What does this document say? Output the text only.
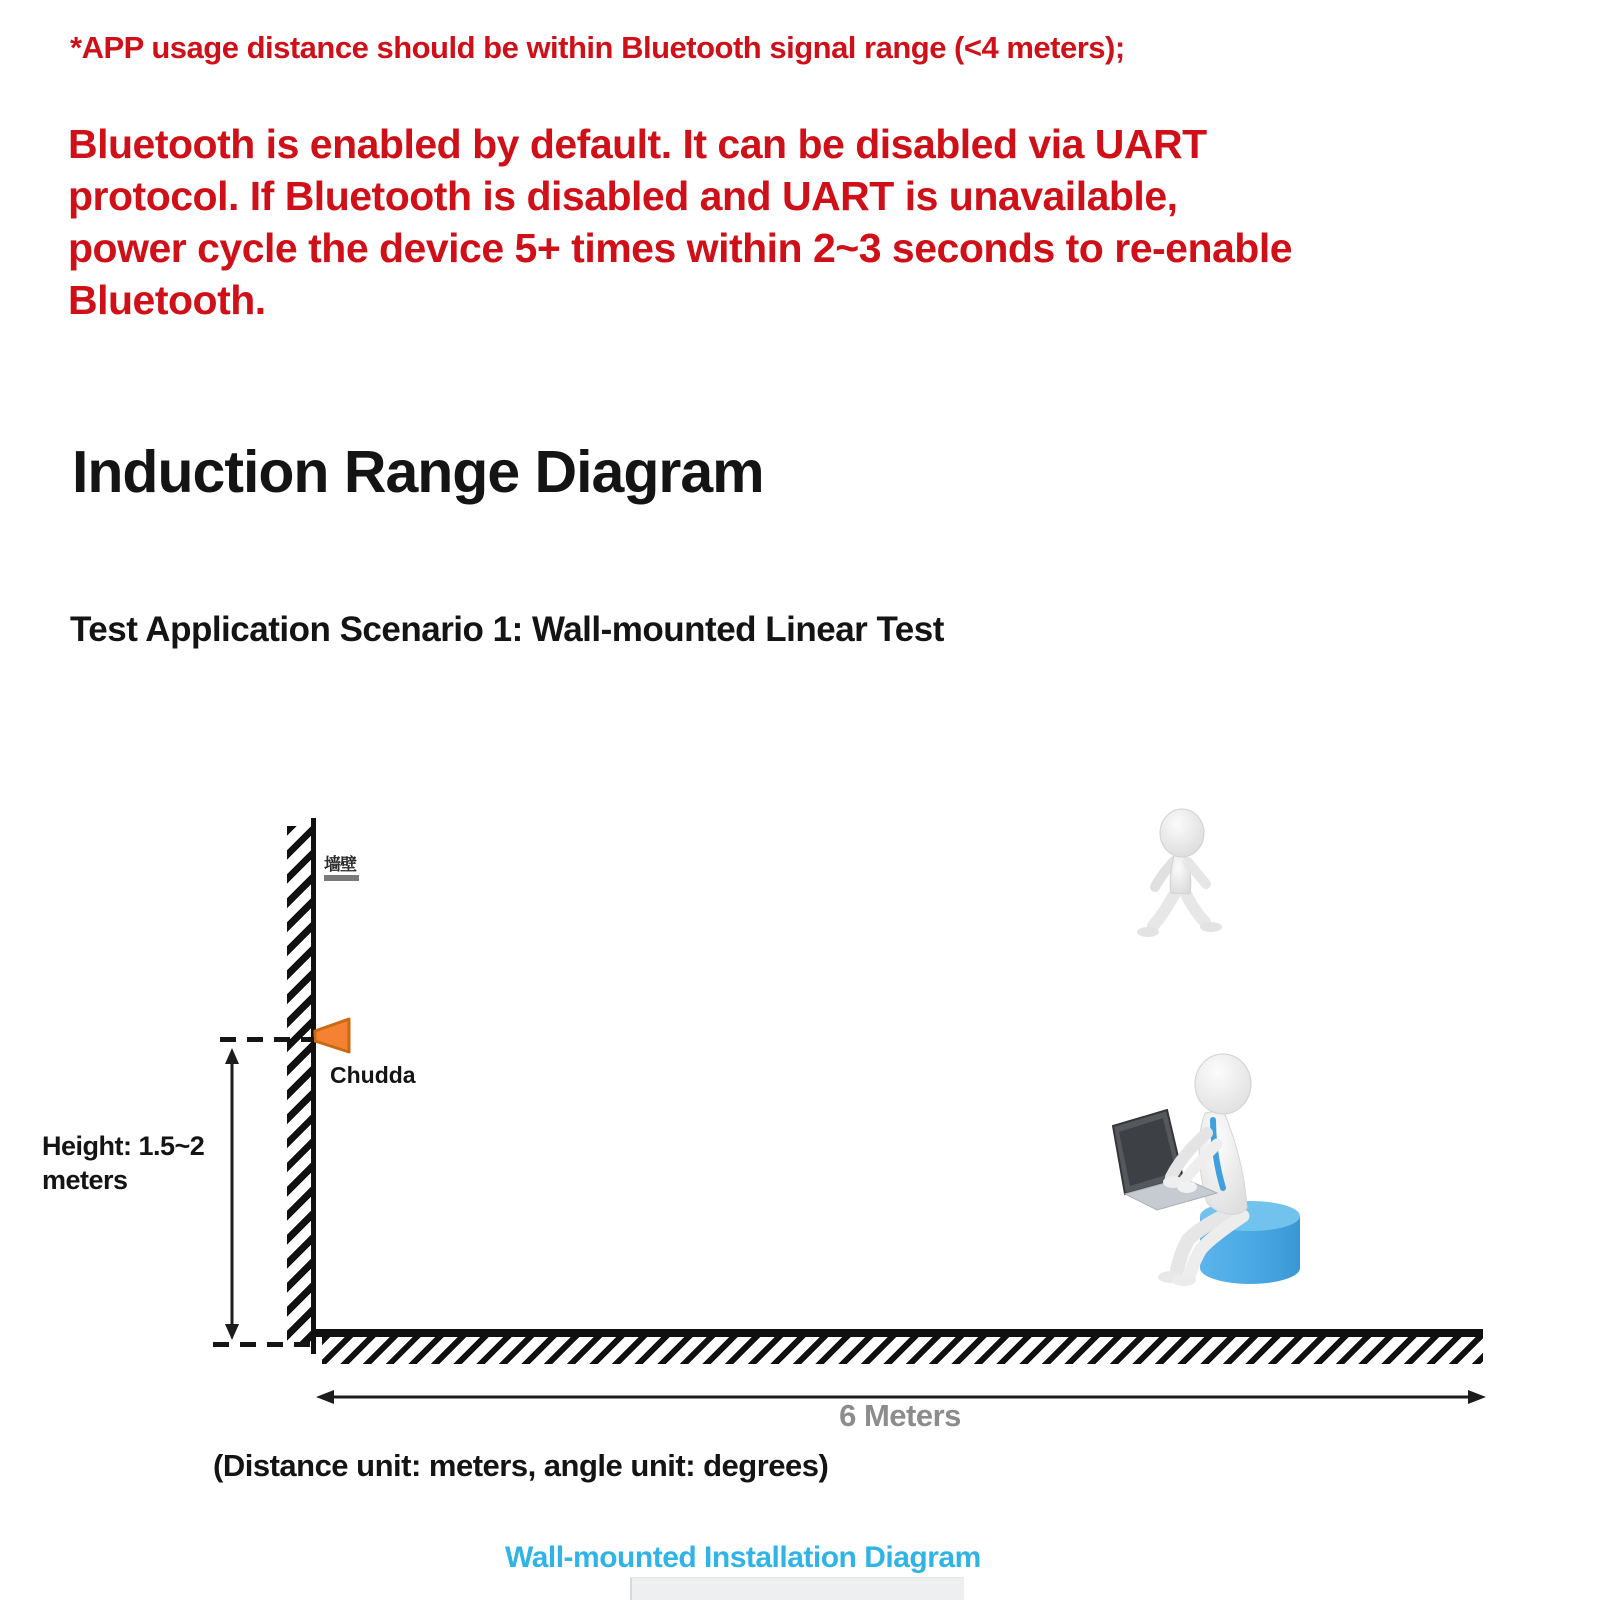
*APP usage distance should be within Bluetooth signal range (<4 meters);
Bluetooth is enabled by default. It can be disabled via UART
protocol. If Bluetooth is disabled and UART is unavailable,
power cycle the device 5+ times within 2~3 seconds to re-enable
Bluetooth.
Induction Range Diagram
Test Application Scenario 1: Wall-mounted Linear Test
墙壁
Chudda
Height: 1.5~2 meters
6 Meters
(Distance unit: meters, angle unit: degrees)
Wall-mounted Installation Diagram
